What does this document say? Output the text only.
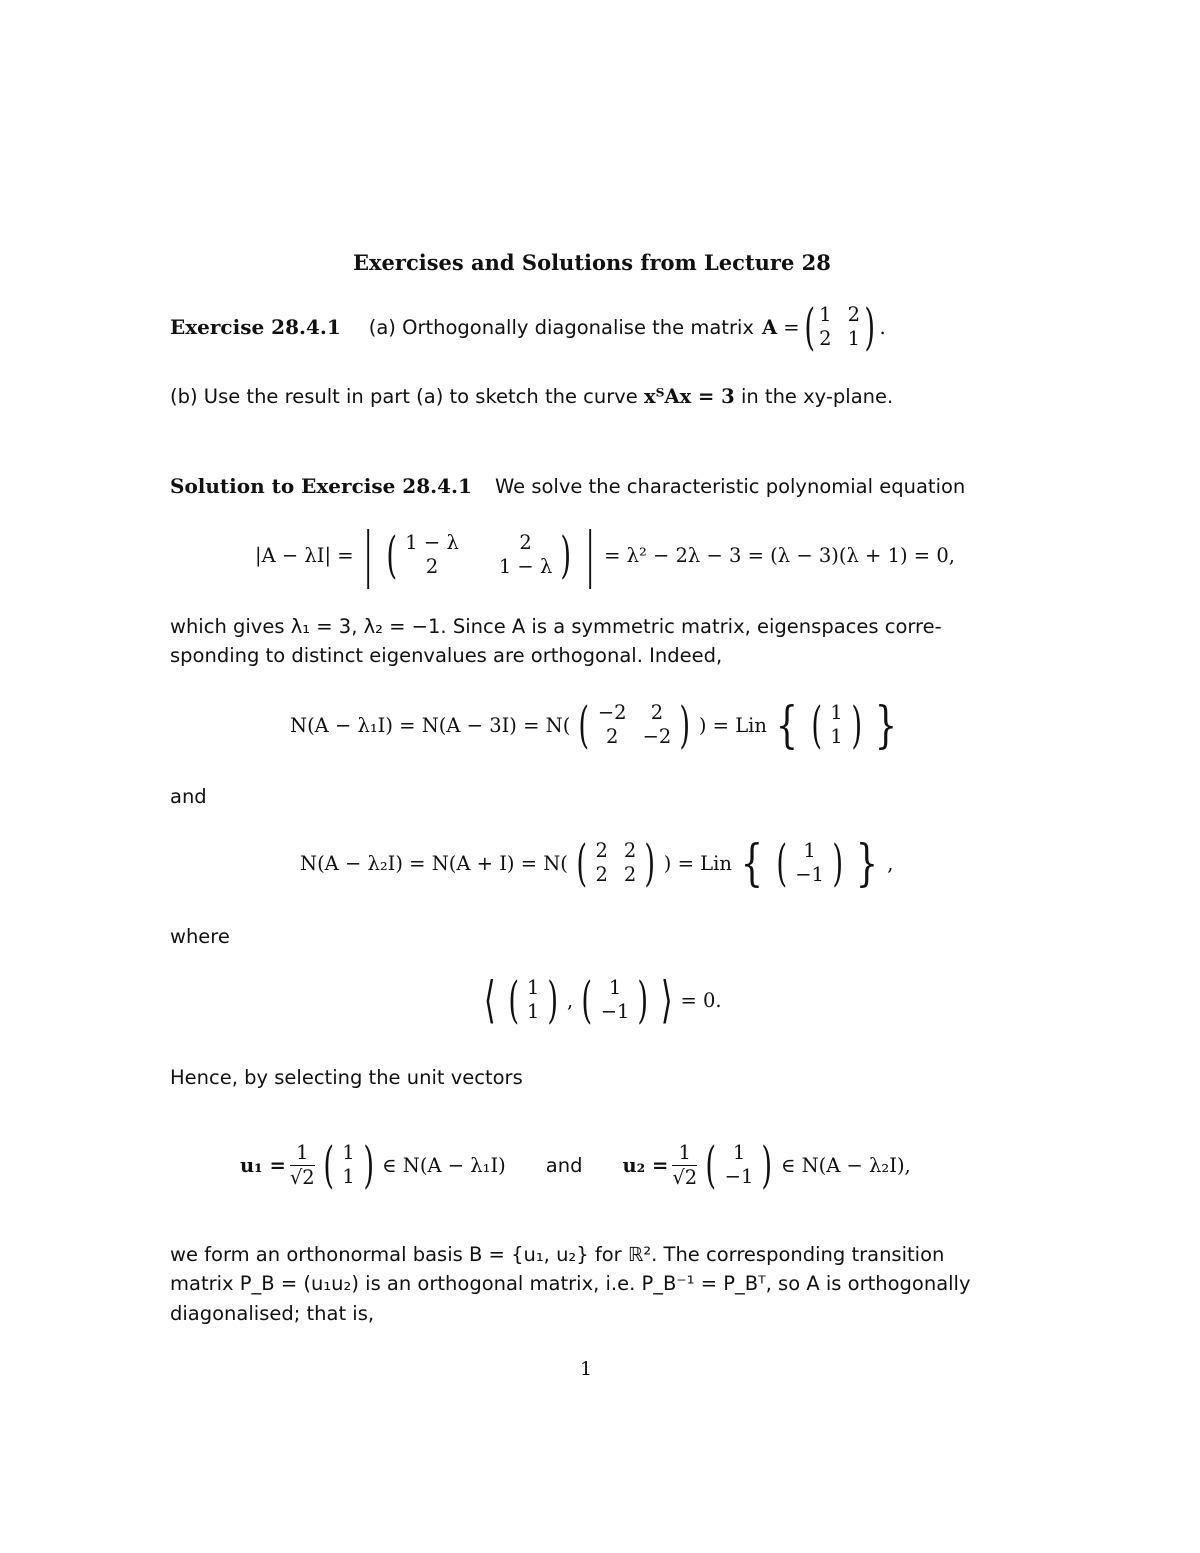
Exercises and Solutions from Lecture 28
Exercise 28.4.1 (a) Orthogonally diagonalise the matrix A = ( 1 2
2 1 ) .
(b) Use the result in part (a) to sketch the curve xᵀAx = 3 in the xy-plane.
Solution to Exercise 28.4.1 We solve the characteristic polynomial equation
|A − λI| = | ( 1 − λ	2
2	1 − λ ) | = λ² − 2λ − 3 = (λ − 3)(λ + 1) = 0,
which gives λ₁ = 3, λ₂ = −1. Since A is a symmetric matrix, eigenspaces corre-
sponding to distinct eigenvalues are orthogonal. Indeed,
N(A − λ₁I) = N(A − 3I) = N( ( −2	2
2	−2 ) ) = Lin { ( 1
1 ) }
and
N(A − λ₂I) = N(A + I) = N( ( 2 2
2 2 ) ) = Lin { ( 1
−1 ) } ,
where
⟨ ( 1
1 ) , ( 1
−1 ) ⟩ = 0.
Hence, by selecting the unit vectors
$u_1 = \frac{1}{√2}$ ( 1
1 ) ∈ N(A − λ₁I) and $u_2 = \frac{1}{√2}$ ( 1
−1 ) ∈ N(A − λ₂I),
we form an orthonormal basis B = {u₁, u₂} for ℝ². The corresponding transition
matrix P_B = (u₁u₂) is an orthogonal matrix, i.e. P_B⁻¹ = P_Bᵀ, so A is orthogonally
diagonalised; that is,
1
